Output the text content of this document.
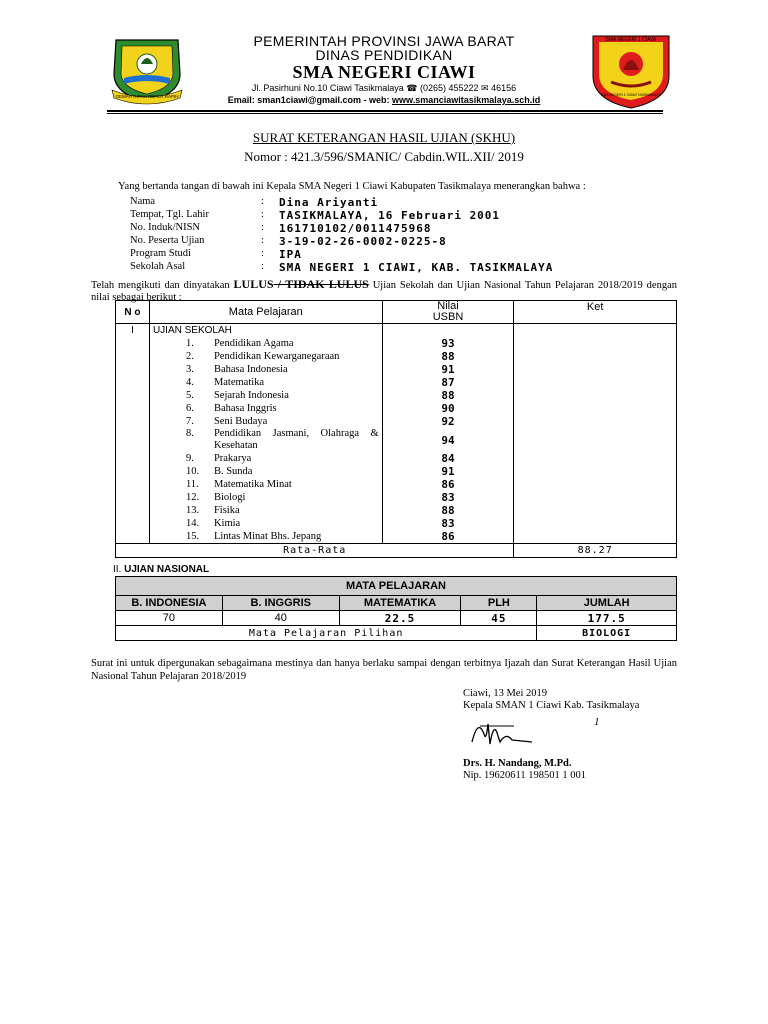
GEMAH RIPAH REPEH RAPIH
SMA NEGERI 1 CIAWI
SMA NEGERI 1 CIAWI TASIKMALAYA
PEMERINTAH PROVINSI JAWA BARAT
DINAS PENDIDIKAN
SMA NEGERI CIAWI
Jl. Pasirhuni No.10 Ciawi Tasikmalaya ☎ (0265) 455222 ✉ 46156
Email: sman1ciawi@gmail.com - web: www.smanciawitasikmalaya.sch.id
SURAT KETERANGAN HASIL UJIAN (SKHU)
Nomor : 421.3/596/SMANIC/ Cabdin.WIL.XII/ 2019
Yang bertanda tangan di bawah ini Kepala SMA Negeri 1 Ciawi Kabupaten Tasikmalaya menerangkan bahwa :
Nama	: Dina Ariyanti
Tempat, Tgl. Lahir	: TASIKMALAYA, 16 Februari 2001
No. Induk/NISN	: 161710102/0011475968
No. Peserta Ujian	: 3-19-02-26-0002-0225-8
Program Studi	: IPA
Sekolah Asal	: SMA NEGERI 1 CIAWI, KAB. TASIKMALAYA
Telah mengikuti dan dinyatakan LULUS / TIDAK LULUS Ujian Sekolah dan Ujian Nasional Tahun Pelajaran 2018/2019 dengan nilai sebagai berikut :
N o	Mata Pelajaran	Nilai
USBN	Ket
I	UJIAN SEKOLAH		

	1. Pendidikan Agama	93	

	2. Pendidikan Kewarganegaraan	88	

	3. Bahasa Indonesia	91	

	4. Matematika	87	

	5. Sejarah Indonesia	88	

	6. Bahasa Inggris	90	

	7. Seni Budaya	92	

	8. Pendidikan Jasmani, Olahraga & Kesehatan	94	

	9. Prakarya	84	

	10. B. Sunda	91	

	11. Matematika Minat	86	

	12. Biologi	83	

	13. Fisika	88	

	14. Kimia	83	

	15. Lintas Minat Bhs. Jepang	86	
Rata-Rata			88.27
II. UJIAN NASIONAL
MATA PELAJARAN				
B. INDONESIA	B. INGGRIS	MATEMATIKA	PLH	JUMLAH
70	40	22.5	45	177.5
Mata Pelajaran Pilihan				BIOLOGI
Surat ini untuk dipergunakan sebagaimana mestinya dan hanya berlaku sampai dengan terbitnya Ijazah dan Surat Keterangan Hasil Ujian Nasional Tahun Pelajaran 2018/2019
Ciawi, 13 Mei 2019
Kepala SMAN 1 Ciawi Kab. Tasikmalaya
1
Drs. H. Nandang, M.Pd.
Nip. 19620611 198501 1 001
